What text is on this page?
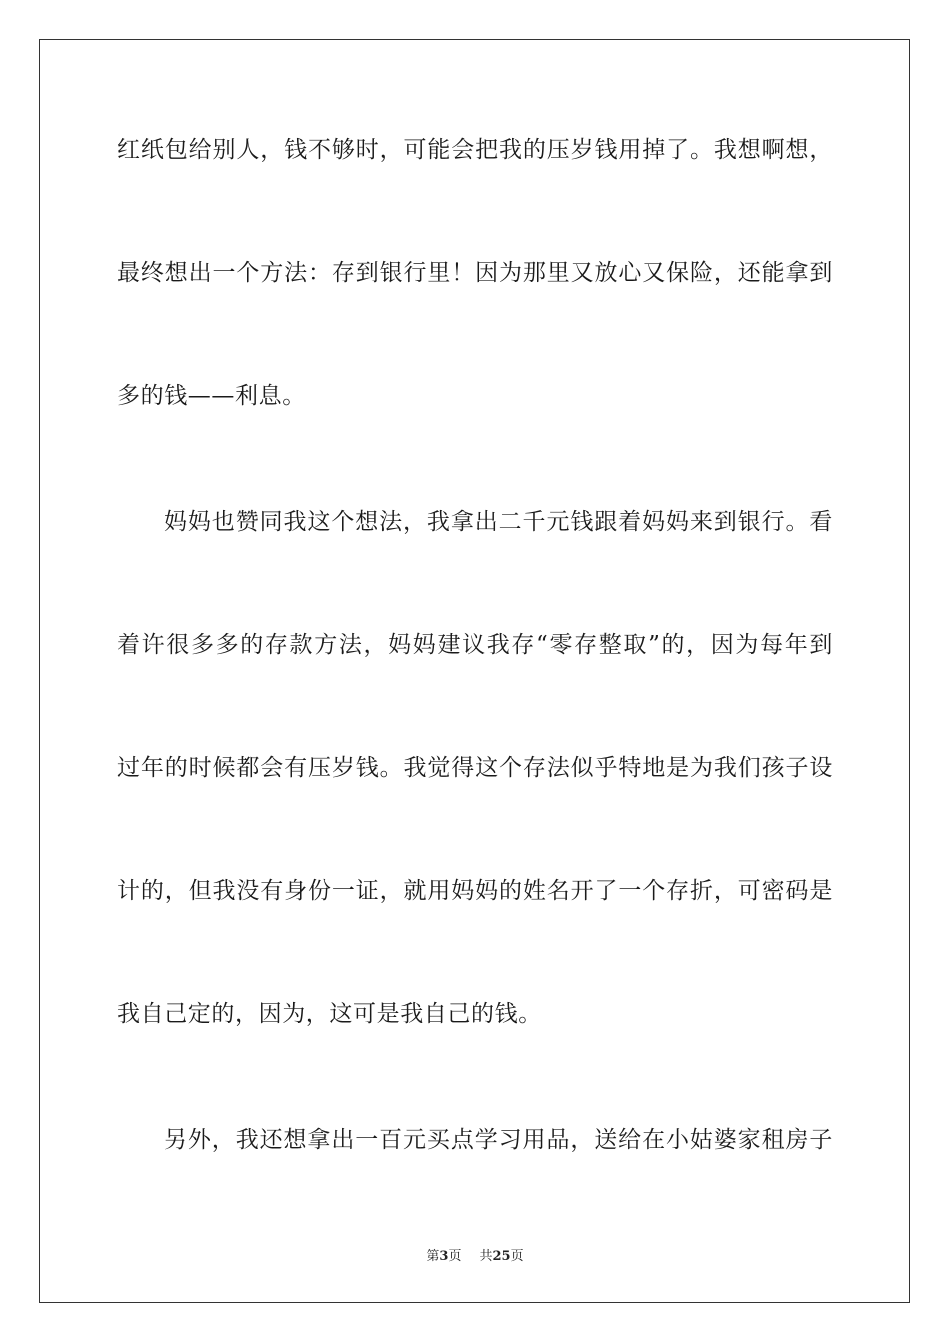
红纸包给别人，钱不够时，可能会把我的压岁钱用掉了。我想啊想，
最终想出一个方法：存到银行里！因为那里又放心又保险，还能拿到
多的钱——利息。
妈妈也赞同我这个想法，我拿出二千元钱跟着妈妈来到银行。看
着许很多多的存款方法，妈妈建议我存“零存整取”的，因为每年到
过年的时候都会有压岁钱。我觉得这个存法似乎特地是为我们孩子设
计的，但我没有身份一证，就用妈妈的姓名开了一个存折，可密码是
我自己定的，因为，这可是我自己的钱。
另外，我还想拿出一百元买点学习用品，送给在小姑婆家租房子
第3页 共25页
